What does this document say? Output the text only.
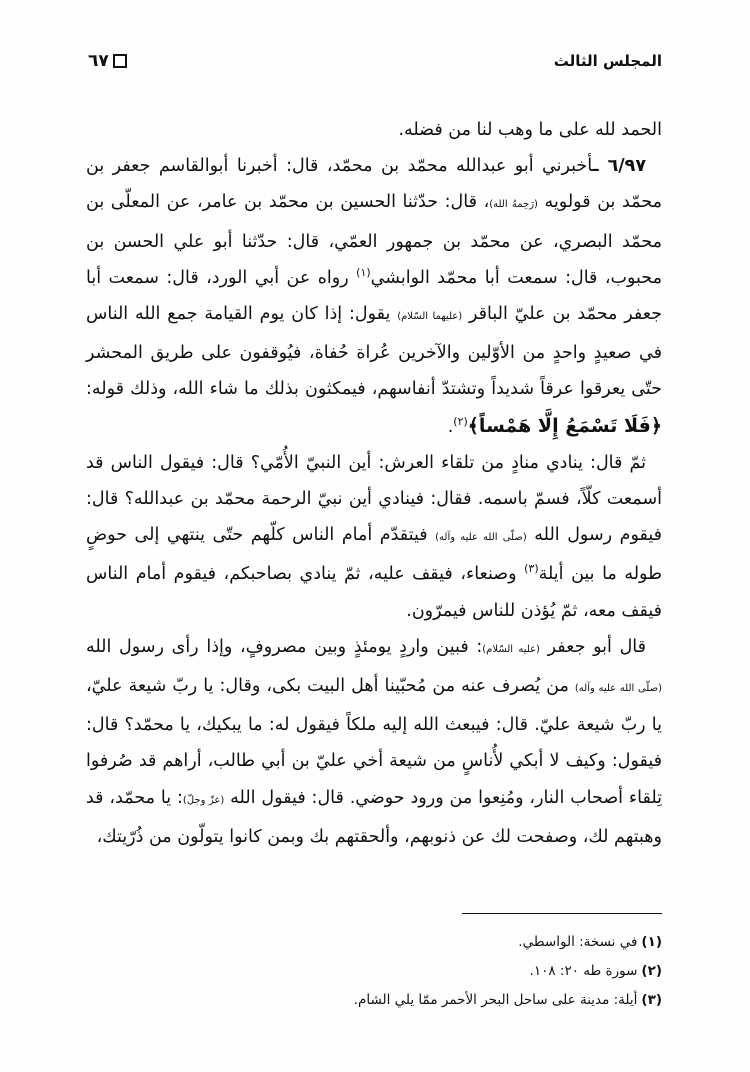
المجلس الثالث
٦٧

الحمد لله على ما وهب لنا من فضله.

٦/٩٧ ـأخبرني أبو عبدالله محمّد بن محمّد، قال: أخبرنا أبوالقاسم جعفر بن محمّد بن قولويه (رَحِمهُ الله)، قال: حدّثنا الحسين بن محمّد بن عامر، عن المعلّى بن محمّد البصري، عن محمّد بن جمهور العمّي، قال: حدّثنا أبو علي الحسن بن محبوب، قال: سمعت أبا محمّد الوابشي$^{(١)}$ رواه عن أبي الورد، قال: سمعت أبا جعفر محمّد بن عليّ الباقر (عليهما السّلام) يقول: إذا كان يوم القيامة جمع الله الناس في صعيدٍ واحدٍ من الأوّلين والآخرين عُراة حُفاة، فيُوقفون على طريق المحشر حتّى يعرقوا عرقاً شديداً وتشتدّ أنفاسهم، فيمكثون بذلك ما شاء الله، وذلك قوله: ﴿فَلَا تَسْمَعُ إِلَّا هَمْساً﴾$^{(٢)}$.

ثمّ قال: ينادي منادٍ من تلقاء العرش: أين النبيّ الأُمّي؟ قال: فيقول الناس قد أسمعت كلّاً، فسمّ باسمه. فقال: فينادي أين نبيّ الرحمة محمّد بن عبدالله؟ قال: فيقوم رسول الله (صلّى الله عليه وآله) فيتقدّم أمام الناس كلّهم حتّى ينتهي إلى حوضٍ طوله ما بين أيلة$^{(٣)}$ وصنعاء، فيقف عليه، ثمّ ينادي بصاحبكم، فيقوم أمام الناس فيقف معه، ثمّ يُؤذن للناس فيمرّون.

قال أبو جعفر (عليه السّلام): فبين واردٍ يومئذٍ وبين مصروفٍ، وإذا رأى رسول الله (صلّى الله عليه وآله) من يُصرف عنه من مُحبّينا أهل البيت بكى، وقال: يا ربّ شيعة عليّ، يا ربّ شيعة عليّ. قال: فيبعث الله إليه ملكاً فيقول له: ما يبكيك، يا محمّد؟ قال: فيقول: وكيف لا أبكي لأُناسٍ من شيعة أخي عليّ بن أبي طالب، أراهم قد صُرفوا تِلقاء أصحاب النار، ومُنِعوا من ورود حوضي. قال: فيقول الله (عزّ وجلّ): يا محمّد، قد وهبتهم لك، وصفحت لك عن ذنوبهم، وألحقتهم بك وبمن كانوا يتولّون من ذُرّيتك،

(١)في نسخة: الواسطي.
(٢)سورة طه ٢٠: ١٠٨.
(٣)أيلة: مدينة على ساحل البحر الأحمر ممّا يلي الشام.
